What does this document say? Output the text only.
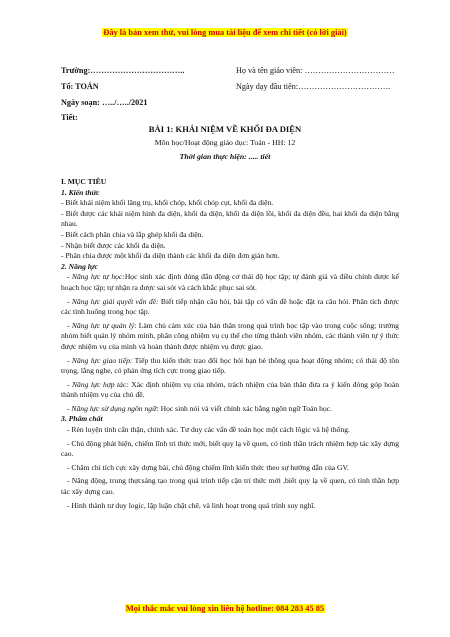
Đây là bản xem thử, vui lòng mua tài liệu để xem chi tiết (có lời giải)
Trường:……………………………..
Tổ: TOÁN
Ngày soạn: …../…../2021
Tiết:
Họ và tên giáo viên: ……………………………
Ngày dạy đầu tiên:…………………………….
BÀI 1: KHÁI NIỆM VỀ KHỐI ĐA DIỆN
Môn học/Hoạt động giáo dục: Toán - HH: 12
Thời gian thực hiện: ..... tiết

I. MỤC TIÊU

1. Kiến thức

- Biết khái niệm khối lăng trụ, khối chóp, khối chóp cụt, khối đa diện.

- Biết được các khái niệm hình đa diện, khối đa diện, khối đa diện lồi, khối đa diện đều, hai khối đa diện bằng nhau.

- Biết cách phân chia và lắp ghép khối đa diện.

- Nhận biết được các khối đa diện.

- Phân chia được một khối đa diện thành các khối đa diện đơn giản hơn.

2. Năng lực

- Năng lực tự học:Học sinh xác định đúng đắn động cơ thái độ học tập; tự đánh giá và điều chỉnh được kế hoạch học tập; tự nhận ra được sai sót và cách khắc phục sai sót.

- Năng lực giải quyết vấn đề: Biết tiếp nhận câu hỏi, bài tập có vấn đề hoặc đặt ra câu hỏi. Phân tích được các tình huống trong học tập.

- Năng lực tự quản lý: Làm chủ cảm xúc của bản thân trong quá trình học tập vào trong cuộc sống; trưởng nhóm biết quản lý nhóm mình, phân công nhiệm vụ cụ thể cho từng thành viên nhóm, các thành viên tự ý thức được nhiệm vụ của mình và hoàn thành được nhiệm vụ được giao.

- Năng lực giao tiếp: Tiếp thu kiến thức trao đổi học hỏi bạn bè thông qua hoạt động nhóm; có thái độ tôn trọng, lắng nghe, có phản ứng tích cực trong giao tiếp.

- Năng lực hợp tác: Xác định nhiệm vụ của nhóm, trách nhiệm của bản thân đưa ra ý kiến đóng góp hoàn thành nhiệm vụ của chủ đề.

- Năng lực sử dụng ngôn ngữ: Học sinh nói và viết chính xác bằng ngôn ngữ Toán học.

3. Phẩm chất

- Rèn luyện tính cẩn thận, chính xác. Tư duy các vấn đề toán học một cách lôgic và hệ thống.

- Chủ động phát hiện, chiếm lĩnh tri thức mới, biết quy lạ về quen, có tinh thần trách nhiệm hợp tác xây dựng cao.

- Chăm chỉ tích cực xây dựng bài, chủ động chiếm lĩnh kiến thức theo sự hướng dẫn của GV.

- Năng động, trung thựcsáng tạo trong quá trình tiếp cận tri thức mới ,biết quy lạ về quen, có tinh thần hợp tác xây dựng cao.

- Hình thành tư duy logic, lập luận chặt chẽ, và linh hoạt trong quá trình suy nghĩ.

Mọi thắc mắc vui lòng xin liên hệ hotline: 084 283 45 85
